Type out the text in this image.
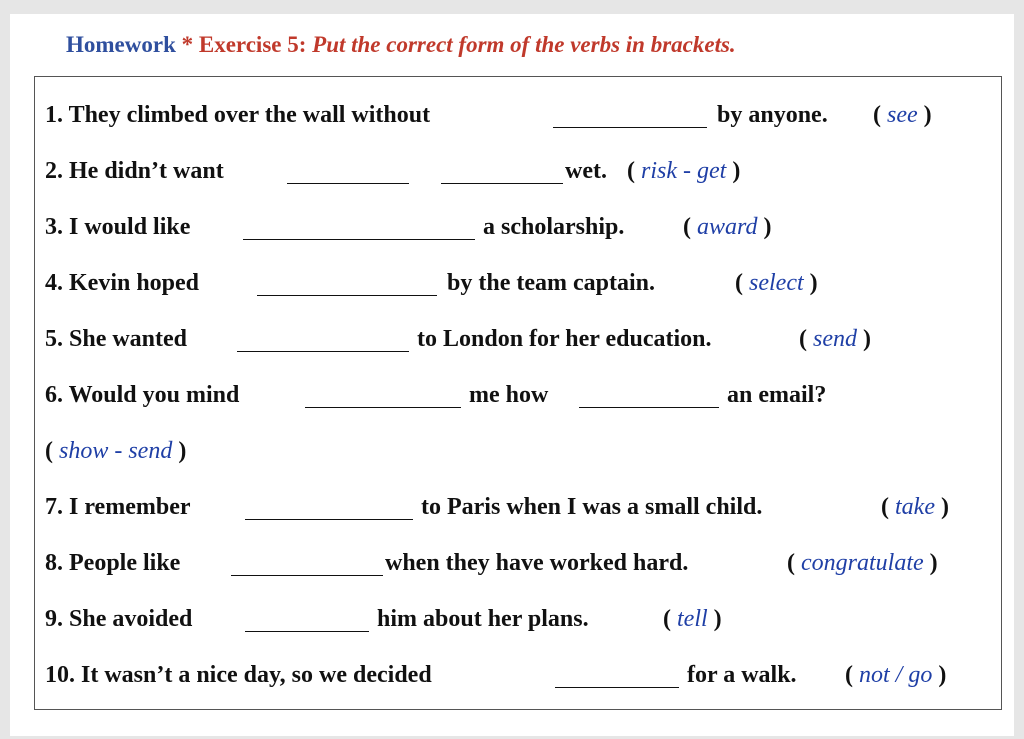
Homework * Exercise 5: Put the correct form of the verbs in brackets.
1. They climbed over the wall without	by anyone. ( see )
2. He didn’t want	wet. ( risk - get )
3. I would like	a scholarship. ( award )
4. Kevin hoped	by the team captain.	( select )
5. She wanted	to London for her education.	( send )
6. Would you mind	me how	an email?
( show - send )
7. I remember	to Paris when I was a small child.	( take )
8. People like	when they have worked hard.	( congratulate )
9. She avoided	him about her plans.	( tell )
10. It wasn’t a nice day, so we decided	for a walk. ( not / go )
